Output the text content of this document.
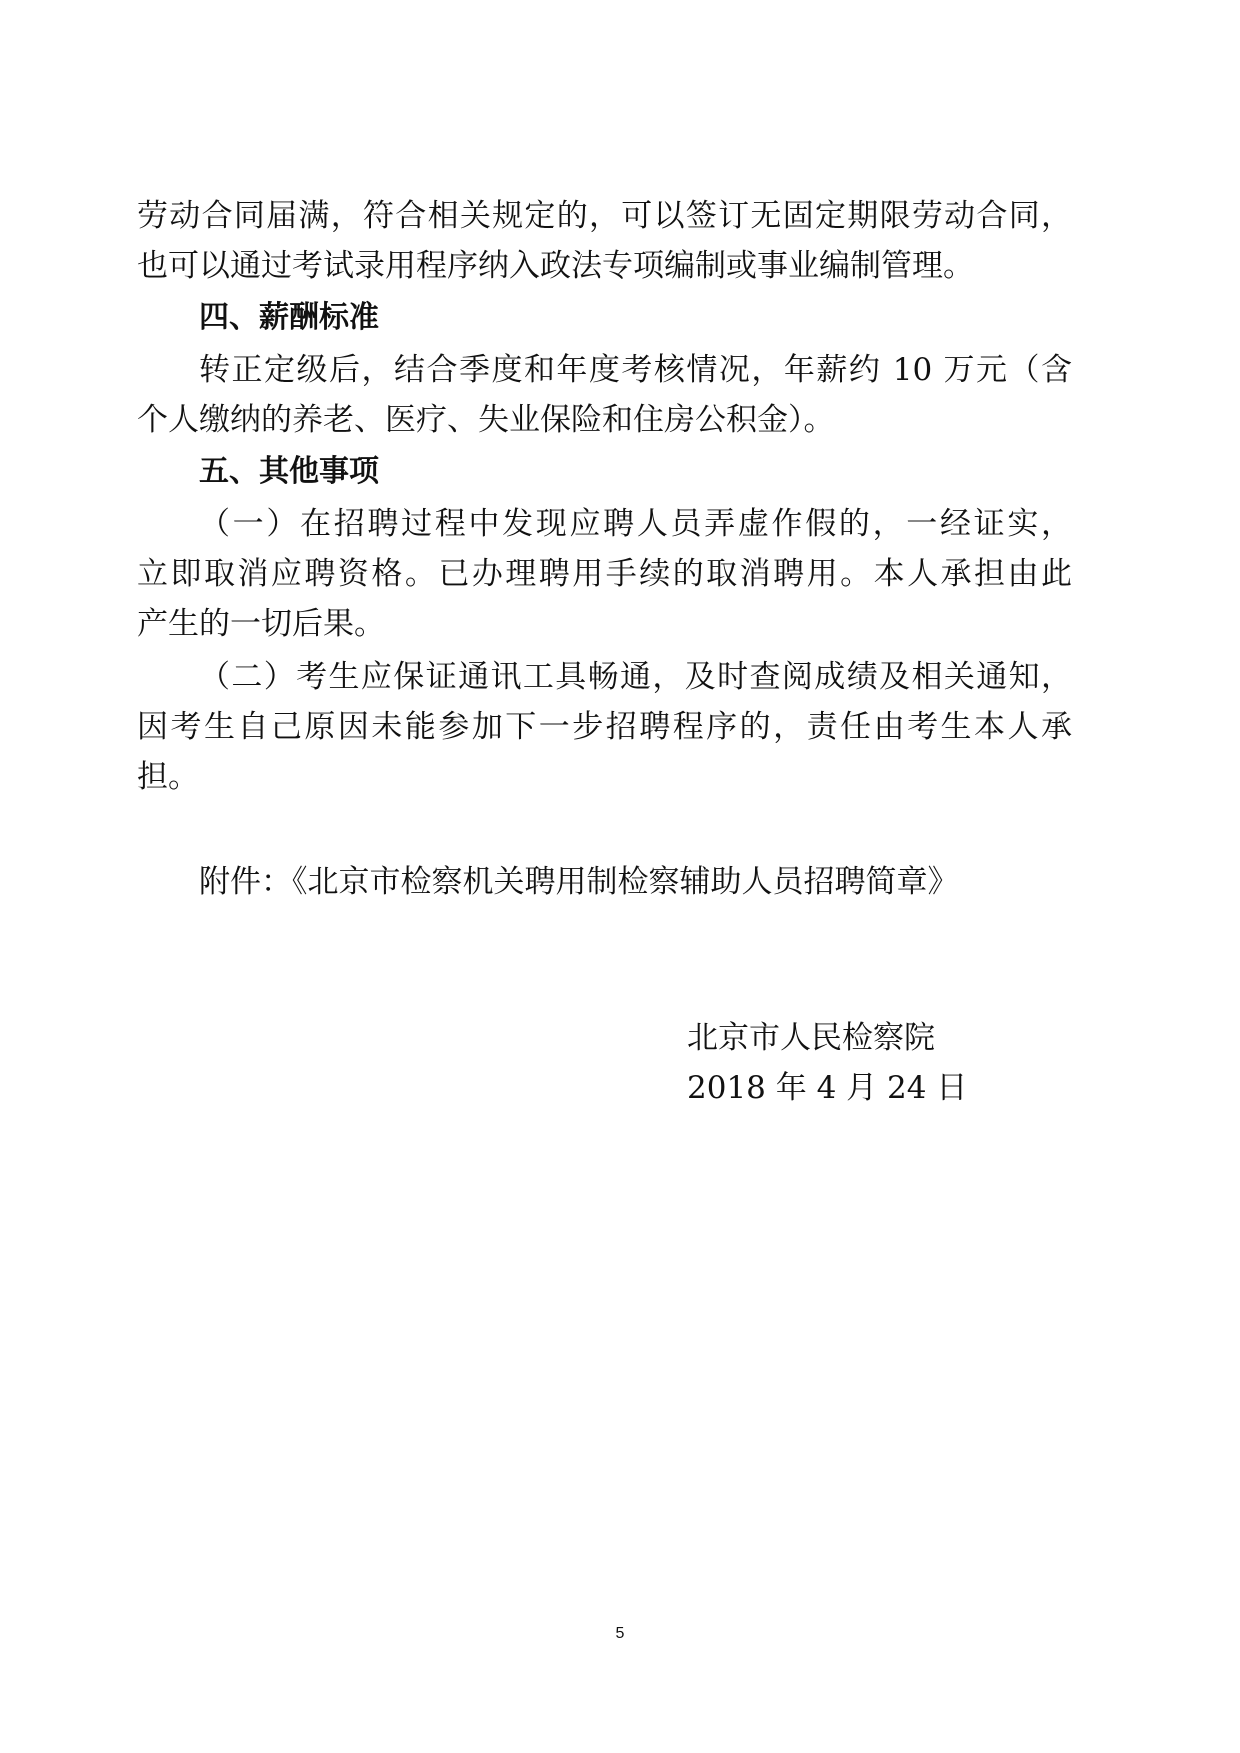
劳动合同届满，符合相关规定的，可以签订无固定期限劳动合同，
也可以通过考试录用程序纳入政法专项编制或事业编制管理。
四、薪酬标准
转正定级后，结合季度和年度考核情况，年薪约 10 万元（含
个人缴纳的养老、医疗、失业保险和住房公积金）。
五、其他事项
（一）在招聘过程中发现应聘人员弄虚作假的，一经证实，
立即取消应聘资格。已办理聘用手续的取消聘用。本人承担由此
产生的一切后果。
（二）考生应保证通讯工具畅通，及时查阅成绩及相关通知，
因考生自己原因未能参加下一步招聘程序的，责任由考生本人承
担。
附件：《北京市检察机关聘用制检察辅助人员招聘简章》
北京市人民检察院
2018 年 4 月 24 日
5
